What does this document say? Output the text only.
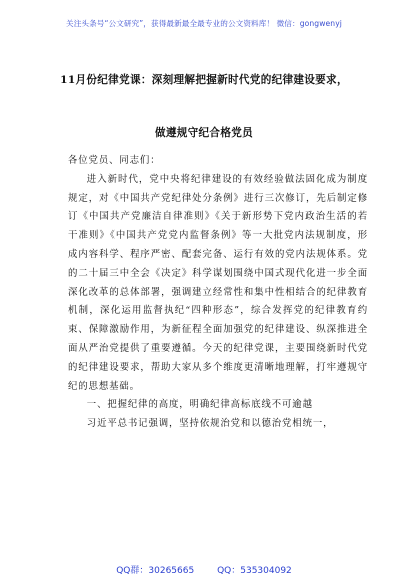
关注头条号“公文研究”，获得最新最全最专业的公文资料库！ 微信：gongwenyj
11月份纪律党课：深刻理解把握新时代党的纪律建设要求，
做遵规守纪合格党员

各位党员、同志们：

进入新时代，党中央将纪律建设的有效经验做法固化成为制度规定，对《中国共产党纪律处分条例》进行三次修订，先后制定修订《中国共产党廉洁自律准则》《关于新形势下党内政治生活的若干准则》《中国共产党党内监督条例》等一大批党内法规制度，形成内容科学、程序严密、配套完备、运行有效的党内法规体系。党的二十届三中全会《决定》科学谋划围绕中国式现代化进一步全面深化改革的总体部署，强调建立经常性和集中性相结合的纪律教育机制，深化运用监督执纪“四种形态”，综合发挥党的纪律教育约束、保障激励作用，为新征程全面加强党的纪律建设、纵深推进全面从严治党提供了重要遵循。今天的纪律党课，主要围绕新时代党的纪律建设要求，帮助大家从多个维度更清晰地理解，打牢遵规守纪的思想基础。

一、把握纪律的高度，明确纪律高标底线不可逾越

习近平总书记强调，坚持依规治党和以德治党相统一，

QQ群：30265665	QQ：535304092
